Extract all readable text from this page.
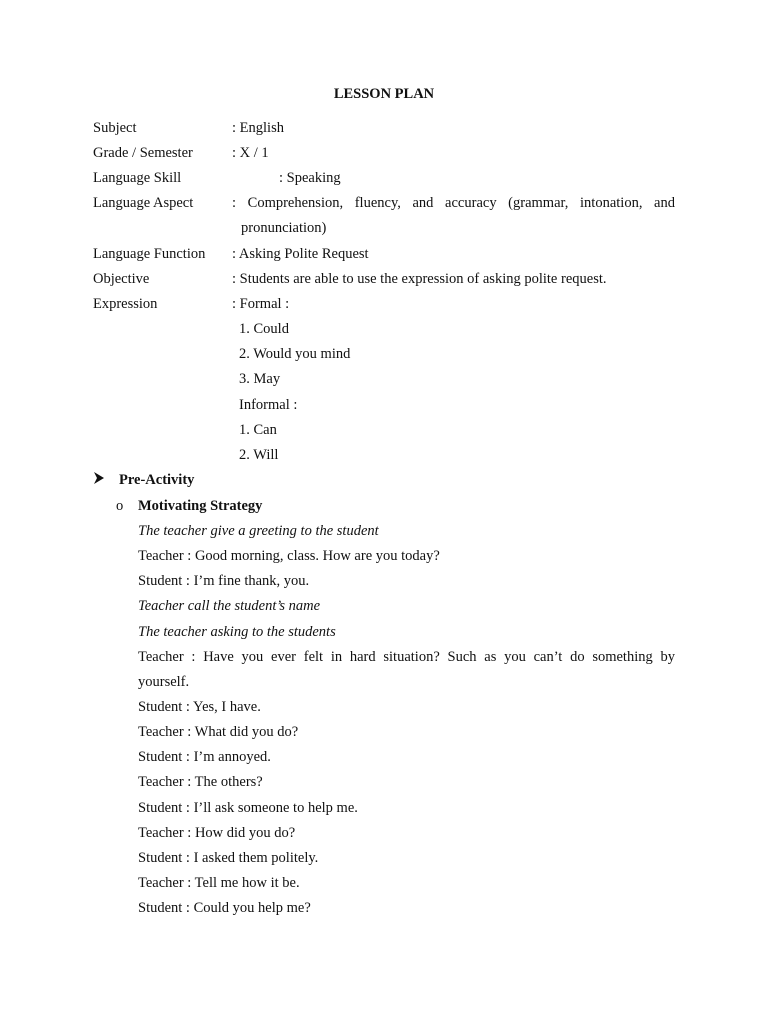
LESSON PLAN
Subject	: English
Grade / Semester	: X / 1
Language Skill	: Speaking
Language Aspect	: Comprehension, fluency, and accuracy (grammar, intonation, and
pronunciation)
Language Function : Asking Polite Request
Objective	: Students are able to use the expression of asking polite request.
Expression	: Formal :
1. Could
2. Would you mind
3. May
Informal :
1. Can
2. Will
Pre-Activity
o Motivating Strategy
The teacher give a greeting to the student
Teacher : Good morning, class. How are you today?
Student : I’m fine thank, you.
Teacher call the student’s name
The teacher asking to the students
Teacher : Have you ever felt in hard situation? Such as you can’t do something by
yourself.
Student : Yes, I have.
Teacher : What did you do?
Student : I’m annoyed.
Teacher : The others?
Student : I’ll ask someone to help me.
Teacher : How did you do?
Student : I asked them politely.
Teacher : Tell me how it be.
Student : Could you help me?
